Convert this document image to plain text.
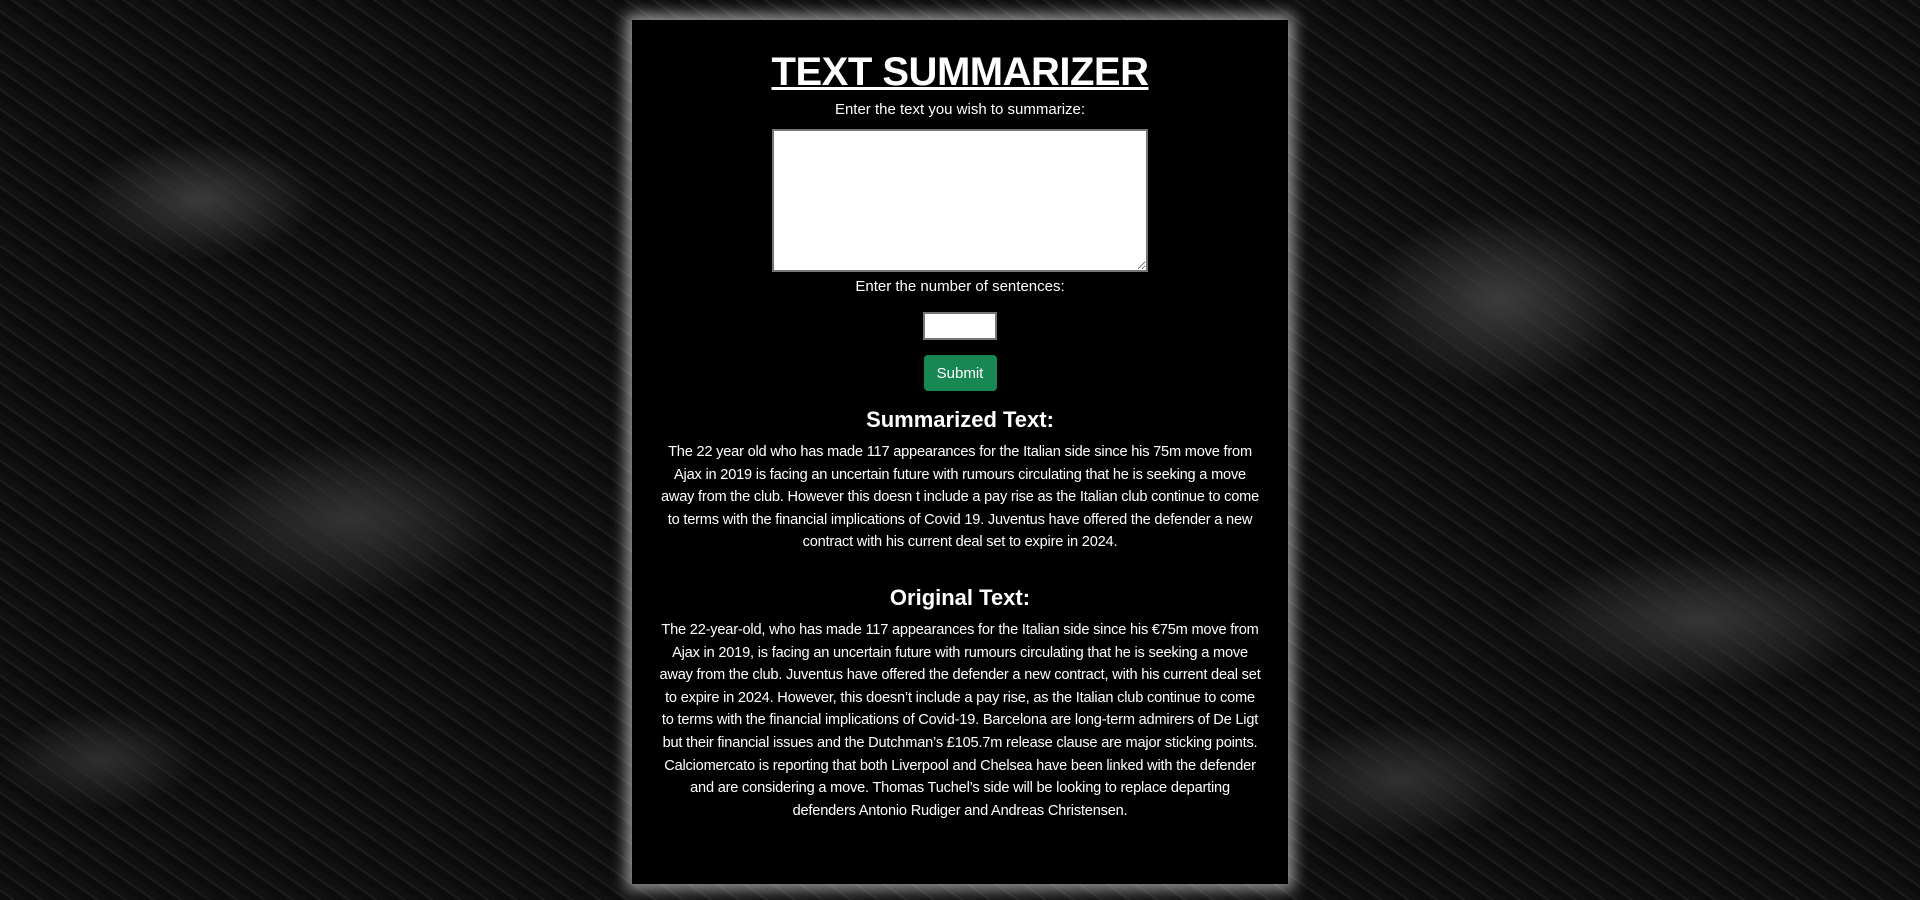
TEXT SUMMARIZER
Enter the text you wish to summarize:
Enter the number of sentences:
Submit
Summarized Text:
The 22 year old who has made 117 appearances for the Italian side since his 75m move from Ajax in 2019 is facing an uncertain future with rumours circulating that he is seeking a move away from the club. However this doesn t include a pay rise as the Italian club continue to come to terms with the financial implications of Covid 19. Juventus have offered the defender a new contract with his current deal set to expire in 2024.
Original Text:
The 22-year-old, who has made 117 appearances for the Italian side since his €75m move from Ajax in 2019, is facing an uncertain future with rumours circulating that he is seeking a move away from the club. Juventus have offered the defender a new contract, with his current deal set to expire in 2024. However, this doesn’t include a pay rise, as the Italian club continue to come to terms with the financial implications of Covid-19. Barcelona are long-term admirers of De Ligt but their financial issues and the Dutchman’s £105.7m release clause are major sticking points. Calciomercato is reporting that both Liverpool and Chelsea have been linked with the defender and are considering a move. Thomas Tuchel’s side will be looking to replace departing defenders Antonio Rudiger and Andreas Christensen.
